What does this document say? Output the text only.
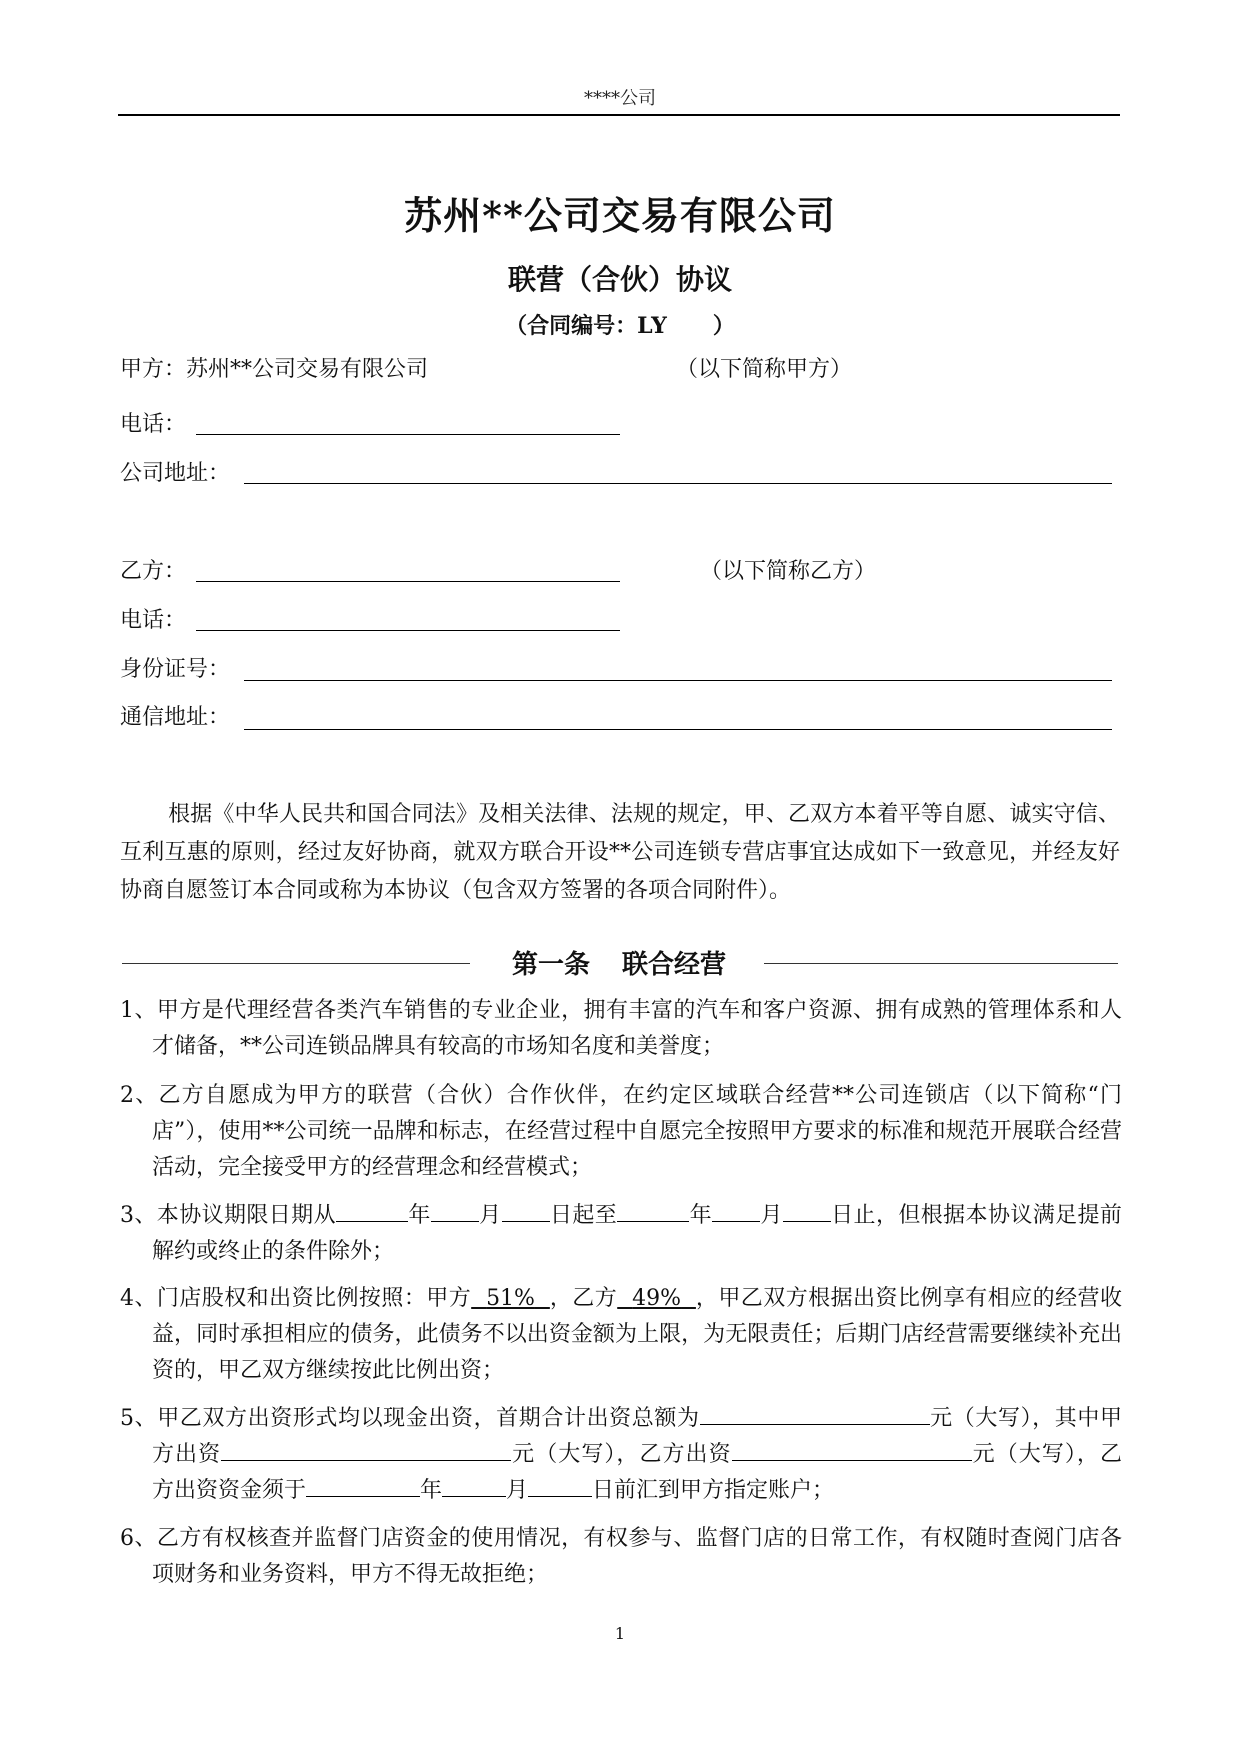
****公司
苏州**公司交易有限公司
联营（合伙）协议
（合同编号：LY ）
甲方：苏州**公司交易有限公司	（以下简称甲方）
电话：
公司地址：
乙方：	（以下简称乙方）
电话：
身份证号：
通信地址：
根据《中华人民共和国合同法》及相关法律、法规的规定，甲、乙双方本着平等自愿、诚实守信、互利互惠的原则，经过友好协商，就双方联合开设**公司连锁专营店事宜达成如下一致意见，并经友好协商自愿签订本合同或称为本协议（包含双方签署的各项合同附件）。
第一条 联合经营
1、甲方是代理经营各类汽车销售的专业企业，拥有丰富的汽车和客户资源、拥有成熟的管理体系和人才储备，**公司连锁品牌具有较高的市场知名度和美誉度；
2、乙方自愿成为甲方的联营（合伙）合作伙伴，在约定区域联合经营**公司连锁店（以下简称“门店”），使用**公司统一品牌和标志，在经营过程中自愿完全按照甲方要求的标准和规范开展联合经营活动，完全接受甲方的经营理念和经营模式；
3、本协议期限日期从	年 月 日起至	年 月 日止，但根据本协议满足提前解约或终止的条件除外；
4、门店股权和出资比例按照：甲方 51% ，乙方 49% ，甲乙双方根据出资比例享有相应的经营收益，同时承担相应的债务，此债务不以出资金额为上限，为无限责任；后期门店经营需要继续补充出资的，甲乙双方继续按此比例出资；
5、甲乙双方出资形式均以现金出资，首期合计出资总额为	元（大写），其中甲方出资	元（大写），乙方出资	元（大写），乙方出资资金须于	年	月	日前汇到甲方指定账户；
6、乙方有权核查并监督门店资金的使用情况，有权参与、监督门店的日常工作，有权随时查阅门店各项财务和业务资料，甲方不得无故拒绝；
1
